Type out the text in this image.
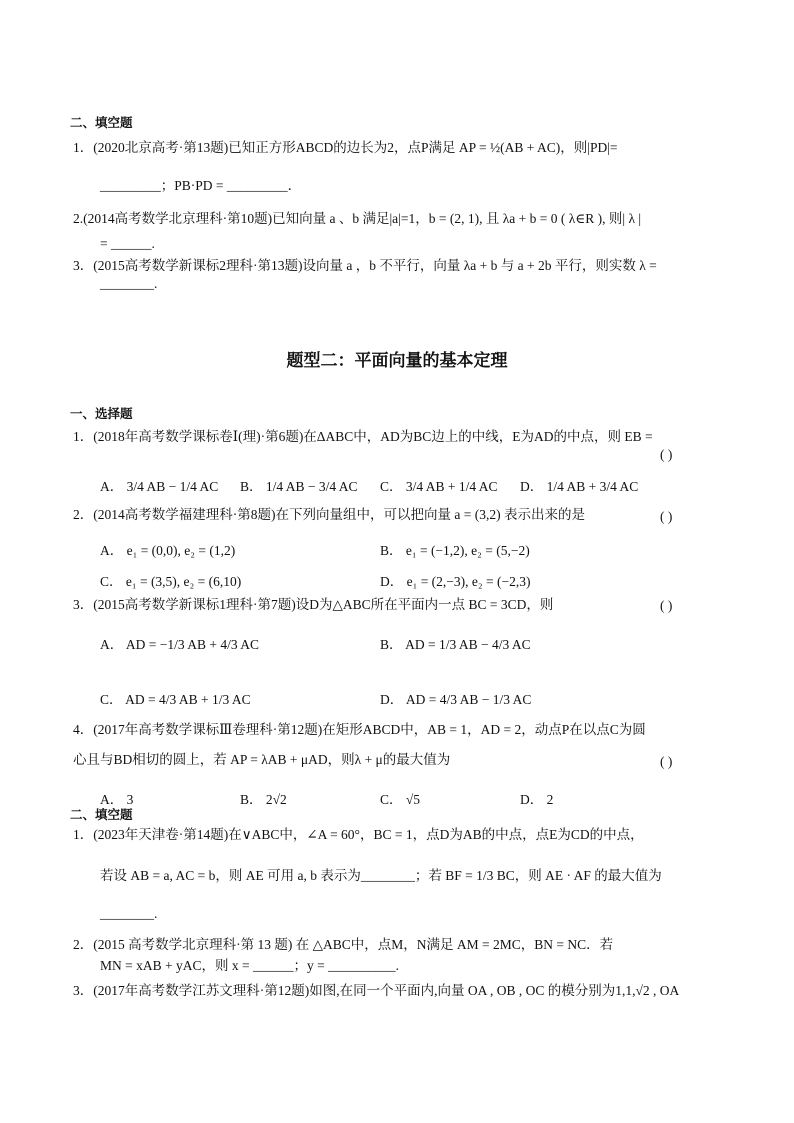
二、填空题
1．(2020北京高考·第13题)已知正方形ABCD的边长为2，点P满足 AP = ½(AB + AC)，则|PD|=
_________；PB·PD = _________．
2.(2014高考数学北京理科·第10题)已知向量 a 、b 满足|a|=1，b = (2, 1), 且 λa + b = 0 ( λ∈R ), 则| λ |
= ______.
3．(2015高考数学新课标2理科·第13题)设向量 a ，b 不平行，向量 λa + b 与 a + 2b 平行，则实数 λ =
________.
题型二：平面向量的基本定理
一、选择题
1．(2018年高考数学课标卷Ⅰ(理)·第6题)在ΔABC中，AD为BC边上的中线，E为AD的中点，则 EB =
( )
A． 3/4 AB − 1/4 AC B． 1/4 AB − 3/4 AC C． 3/4 AB + 1/4 AC D． 1/4 AB + 3/4 AC
2．(2014高考数学福建理科·第8题)在下列向量组中，可以把向量 a = (3,2) 表示出来的是	( )
A． e₁ = (0,0), e₂ = (1,2)	B． e₁ = (−1,2), e₂ = (5,−2)
C． e₁ = (3,5), e₂ = (6,10)	D． e₁ = (2,−3), e₂ = (−2,3)
3．(2015高考数学新课标1理科·第7题)设D为△ABC所在平面内一点 BC = 3CD，则	( )
A． AD = −1/3 AB + 4/3 AC	B． AD = 1/3 AB − 4/3 AC
C． AD = 4/3 AB + 1/3 AC	D． AD = 4/3 AB − 1/3 AC
4．(2017年高考数学课标Ⅲ卷理科·第12题)在矩形ABCD中，AB = 1，AD = 2，动点P在以点C为圆
心且与BD相切的圆上，若 AP = λAB + μAD，则λ + μ的最大值为	( )
A． 3	B． 2√2	C． √5	D． 2
二、填空题
1．(2023年天津卷·第14题)在∨ABC中，∠A = 60°，BC = 1，点D为AB的中点，点E为CD的中点，
若设 AB = a, AC = b，则 AE 可用 a, b 表示为________；若 BF = 1/3 BC，则 AE · AF 的最大值为
________.
2．(2015 高考数学北京理科·第 13 题) 在 △ABC中，点M，N满足 AM = 2MC，BN = NC．若
MN = xAB + yAC，则 x = ______；y = __________.
3．(2017年高考数学江苏文理科·第12题)如图,在同一个平面内,向量 OA , OB , OC 的模分别为1,1,√2 , OA
